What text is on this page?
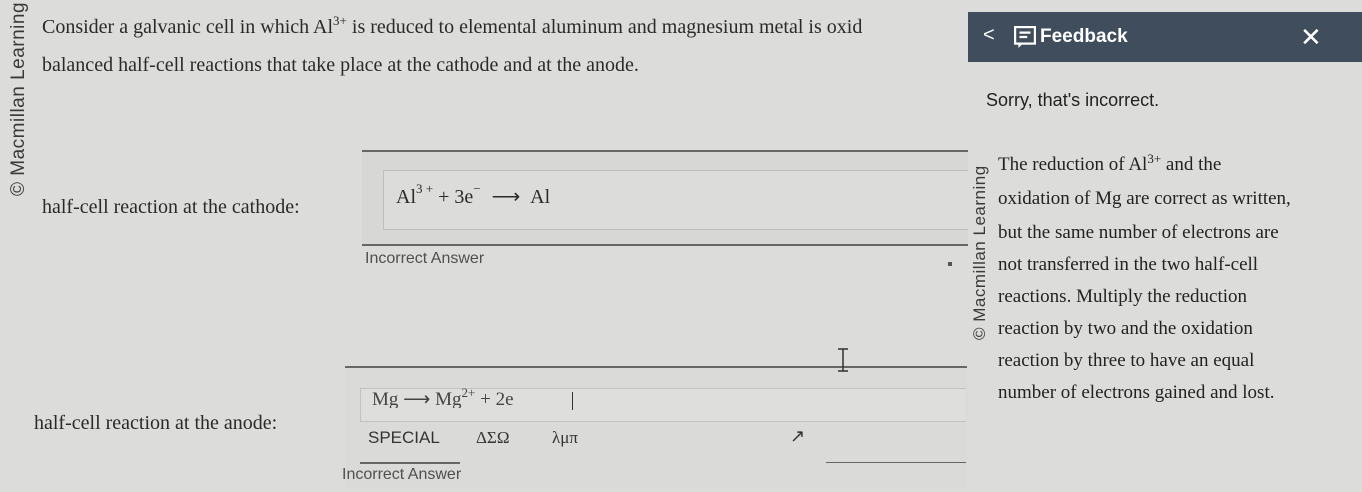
© Macmillan Learning Consider a galvanic cell in which $Al^{3+}$ is reduced to elemental aluminum and magnesium metal is oxid
balanced half-cell reactions that take place at the cathode and at the anode.
half-cell reaction at the cathode:	$Al^{3 +} + 3e^-$ ⟶ Al
Incorrect Answer
half-cell reaction at the anode:
Mg ⟶ $Mg^{2+} + 2e$
SPECIAL ΔΣΩ	λμπ	↗
Incorrect Answer
< Feedback	✕
Sorry, that's incorrect.
© Macmillan Learning
The reduction of $Al^{3+}$ and the
oxidation of Mg are correct as written,
but the same number of electrons are
not transferred in the two half-cell
reactions. Multiply the reduction
reaction by two and the oxidation
reaction by three to have an equal
number of electrons gained and lost.
